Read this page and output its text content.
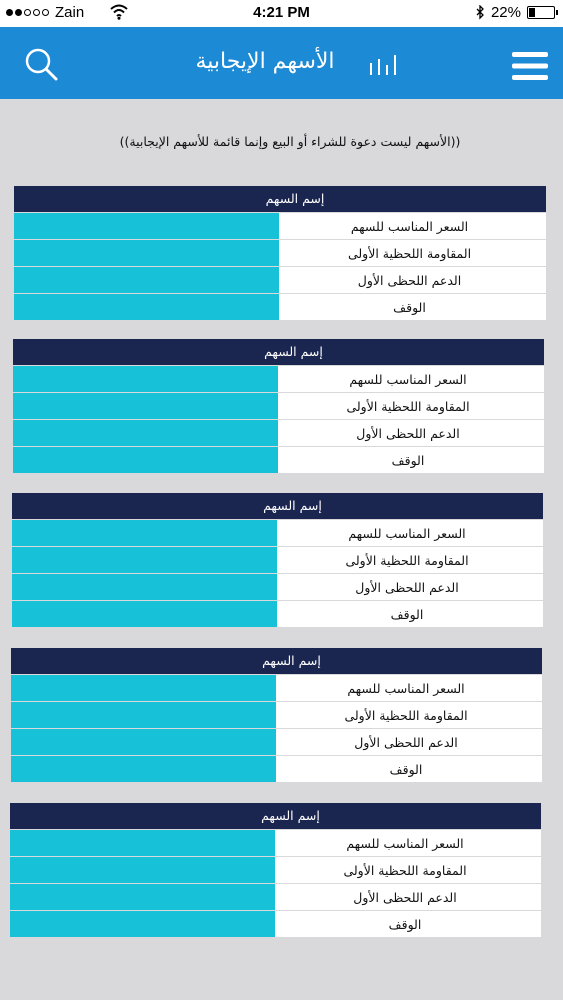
Zain	4:21 PM	22%
الأسهم الإيجابية
((الأسهم ليست دعوة للشراء أو البيع وإنما قائمة للأسهم الإيجابية))
إسم السهم
السعر المناسب للسهم
المقاومة اللحظية الأولى
الدعم اللحظى الأول
الوقف
إسم السهم
السعر المناسب للسهم
المقاومة اللحظية الأولى
الدعم اللحظى الأول
الوقف
إسم السهم
السعر المناسب للسهم
المقاومة اللحظية الأولى
الدعم اللحظى الأول
الوقف
إسم السهم
السعر المناسب للسهم
المقاومة اللحظية الأولى
الدعم اللحظى الأول
الوقف
إسم السهم
السعر المناسب للسهم
المقاومة اللحظية الأولى
الدعم اللحظى الأول
الوقف
